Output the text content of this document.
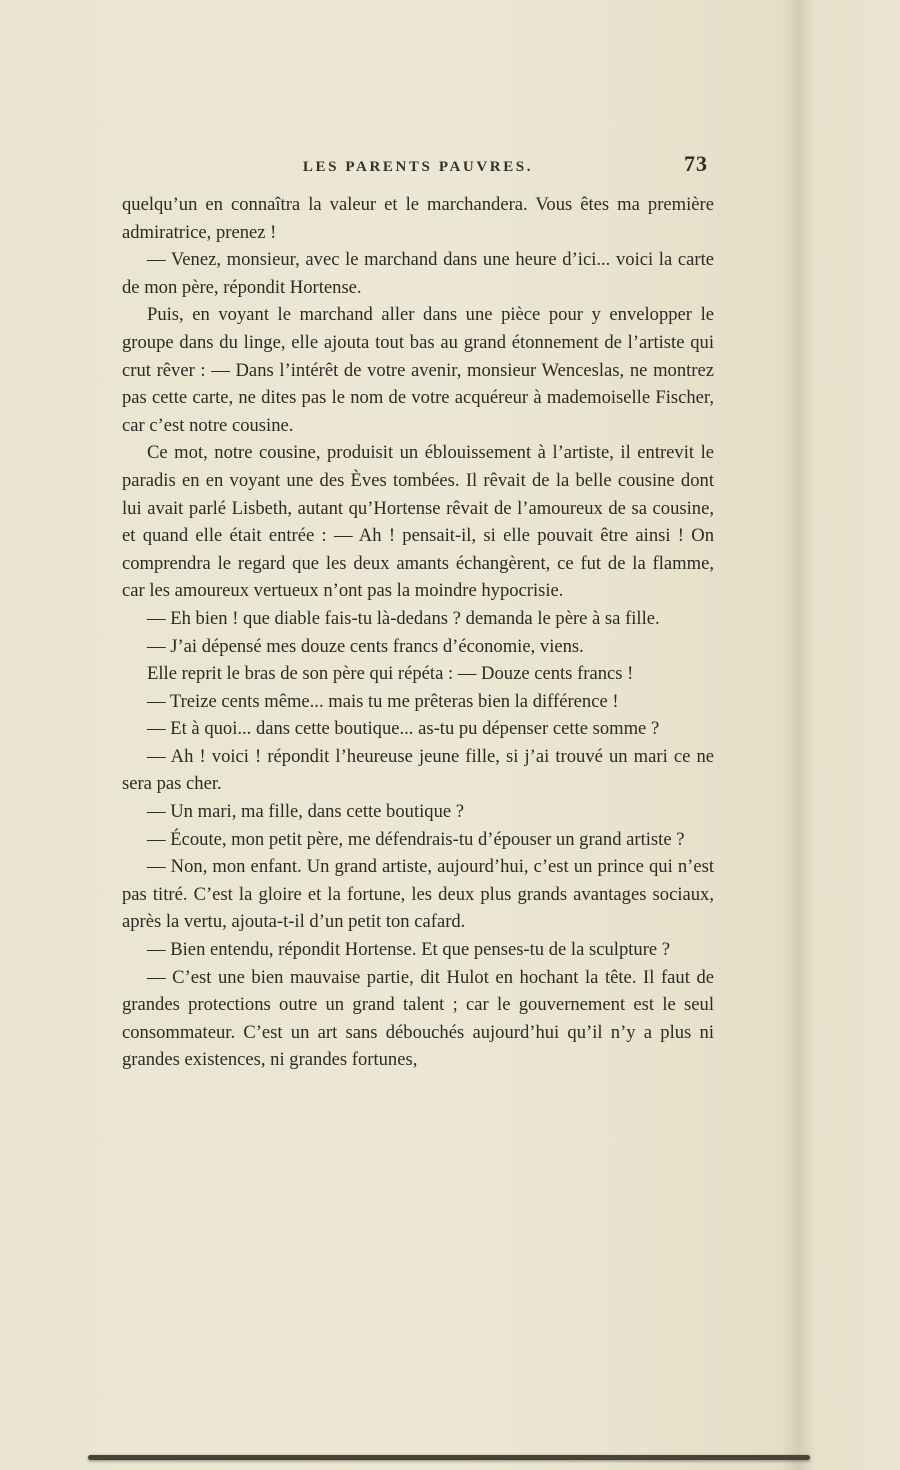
LES PARENTS PAUVRES.	73

quelqu’un en connaîtra la valeur et le marchandera. Vous êtes ma première admiratrice, prenez !

— Venez, monsieur, avec le marchand dans une heure d’ici... voici la carte de mon père, répondit Hortense.

Puis, en voyant le marchand aller dans une pièce pour y envelopper le groupe dans du linge, elle ajouta tout bas au grand étonnement de l’artiste qui crut rêver : — Dans l’intérêt de votre avenir, monsieur Wenceslas, ne montrez pas cette carte, ne dites pas le nom de votre acquéreur à mademoiselle Fischer, car c’est notre cousine.

Ce mot, notre cousine, produisit un éblouissement à l’artiste, il entrevit le paradis en en voyant une des Èves tombées. Il rêvait de la belle cousine dont lui avait parlé Lisbeth, autant qu’Hortense rêvait de l’amoureux de sa cousine, et quand elle était entrée : — Ah ! pensait-il, si elle pouvait être ainsi ! On comprendra le regard que les deux amants échangèrent, ce fut de la flamme, car les amoureux vertueux n’ont pas la moindre hypocrisie.

— Eh bien ! que diable fais-tu là-dedans ? demanda le père à sa fille.

— J’ai dépensé mes douze cents francs d’économie, viens.

Elle reprit le bras de son père qui répéta : — Douze cents francs !

— Treize cents même... mais tu me prêteras bien la différence !

— Et à quoi... dans cette boutique... as-tu pu dépenser cette somme ?

— Ah ! voici ! répondit l’heureuse jeune fille, si j’ai trouvé un mari ce ne sera pas cher.

— Un mari, ma fille, dans cette boutique ?

— Écoute, mon petit père, me défendrais-tu d’épouser un grand artiste ?

— Non, mon enfant. Un grand artiste, aujourd’hui, c’est un prince qui n’est pas titré. C’est la gloire et la fortune, les deux plus grands avantages sociaux, après la vertu, ajouta-t-il d’un petit ton cafard.

— Bien entendu, répondit Hortense. Et que penses-tu de la sculpture ?

— C’est une bien mauvaise partie, dit Hulot en hochant la tête. Il faut de grandes protections outre un grand talent ; car le gouvernement est le seul consommateur. C’est un art sans débouchés aujourd’hui qu’il n’y a plus ni grandes existences, ni grandes fortunes,
